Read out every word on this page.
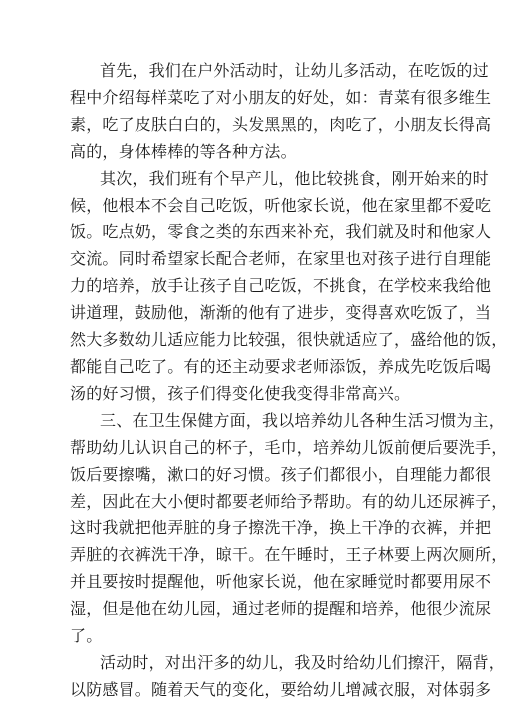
首先，我们在户外活动时，让幼儿多活动，在吃饭的过
程中介绍每样菜吃了对小朋友的好处，如：青菜有很多维生
素，吃了皮肤白白的，头发黑黑的，肉吃了，小朋友长得高
高的，身体棒棒的等各种方法。
其次，我们班有个早产儿，他比较挑食，刚开始来的时
候，他根本不会自己吃饭，听他家长说，他在家里都不爱吃
饭。吃点奶，零食之类的东西来补充，我们就及时和他家人
交流。同时希望家长配合老师，在家里也对孩子进行自理能
力的培养，放手让孩子自己吃饭，不挑食，在学校来我给他
讲道理，鼓励他，渐渐的他有了进步，变得喜欢吃饭了，当
然大多数幼儿适应能力比较强，很快就适应了，盛给他的饭，
都能自己吃了。有的还主动要求老师添饭，养成先吃饭后喝
汤的好习惯，孩子们得变化使我变得非常高兴。
三、在卫生保健方面，我以培养幼儿各种生活习惯为主，
帮助幼儿认识自己的杯子，毛巾，培养幼儿饭前便后要洗手，
饭后要擦嘴，漱口的好习惯。孩子们都很小，自理能力都很
差，因此在大小便时都要老师给予帮助。有的幼儿还尿裤子，
这时我就把他弄脏的身子擦洗干净，换上干净的衣裤，并把
弄脏的衣裤洗干净，晾干。在午睡时，王子林要上两次厕所，
并且要按时提醒他，听他家长说，他在家睡觉时都要用尿不
湿，但是他在幼儿园，通过老师的提醒和培养，他很少流尿
了。
活动时，对出汗多的幼儿，我及时给幼儿们擦汗，隔背，
以防感冒。随着天气的变化，要给幼儿增减衣服，对体弱多
